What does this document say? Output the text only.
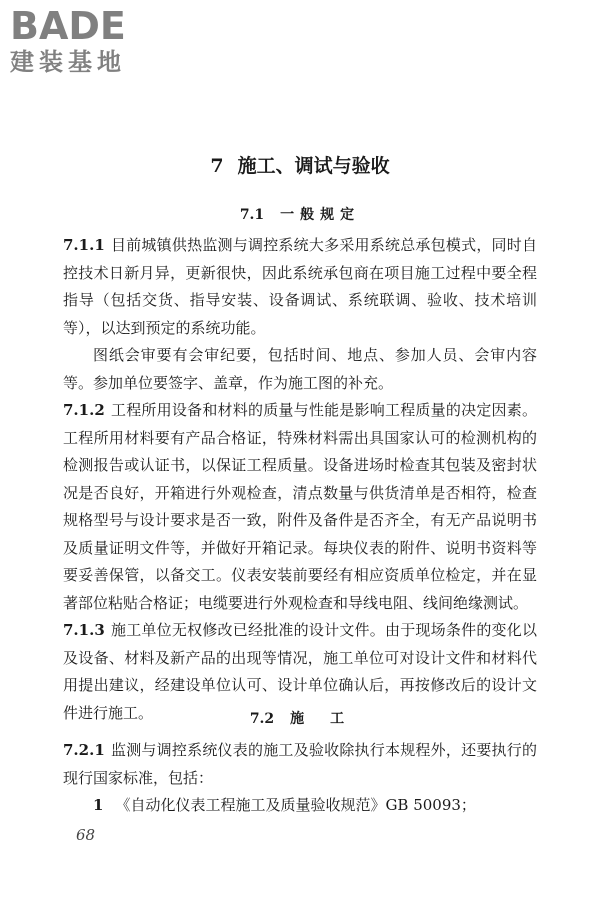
BADE
建装基地
7 施工、调试与验收
7.1 一般规定

7.1.1 目前城镇供热监测与调控系统大多采用系统总承包模式，同时自控技术日新月异，更新很快，因此系统承包商在项目施工过程中要全程指导（包括交货、指导安装、设备调试、系统联调、验收、技术培训等），以达到预定的系统功能。

图纸会审要有会审纪要，包括时间、地点、参加人员、会审内容等。参加单位要签字、盖章，作为施工图的补充。

7.1.2 工程所用设备和材料的质量与性能是影响工程质量的决定因素。工程所用材料要有产品合格证，特殊材料需出具国家认可的检测机构的检测报告或认证书，以保证工程质量。设备进场时检查其包装及密封状况是否良好，开箱进行外观检查，清点数量与供货清单是否相符，检查规格型号与设计要求是否一致，附件及备件是否齐全，有无产品说明书及质量证明文件等，并做好开箱记录。每块仪表的附件、说明书资料等要妥善保管，以备交工。仪表安装前要经有相应资质单位检定，并在显著部位粘贴合格证；电缆要进行外观检查和导线电阻、线间绝缘测试。

7.1.3 施工单位无权修改已经批准的设计文件。由于现场条件的变化以及设备、材料及新产品的出现等情况，施工单位可对设计文件和材料代用提出建议，经建设单位认可、设计单位确认后，再按修改后的设计文件进行施工。	7.2 施　工

7.2.1 监测与调控系统仪表的施工及验收除执行本规程外，还要执行的现行国家标准，包括：

1 《自动化仪表工程施工及质量验收规范》GB 50093；

68
